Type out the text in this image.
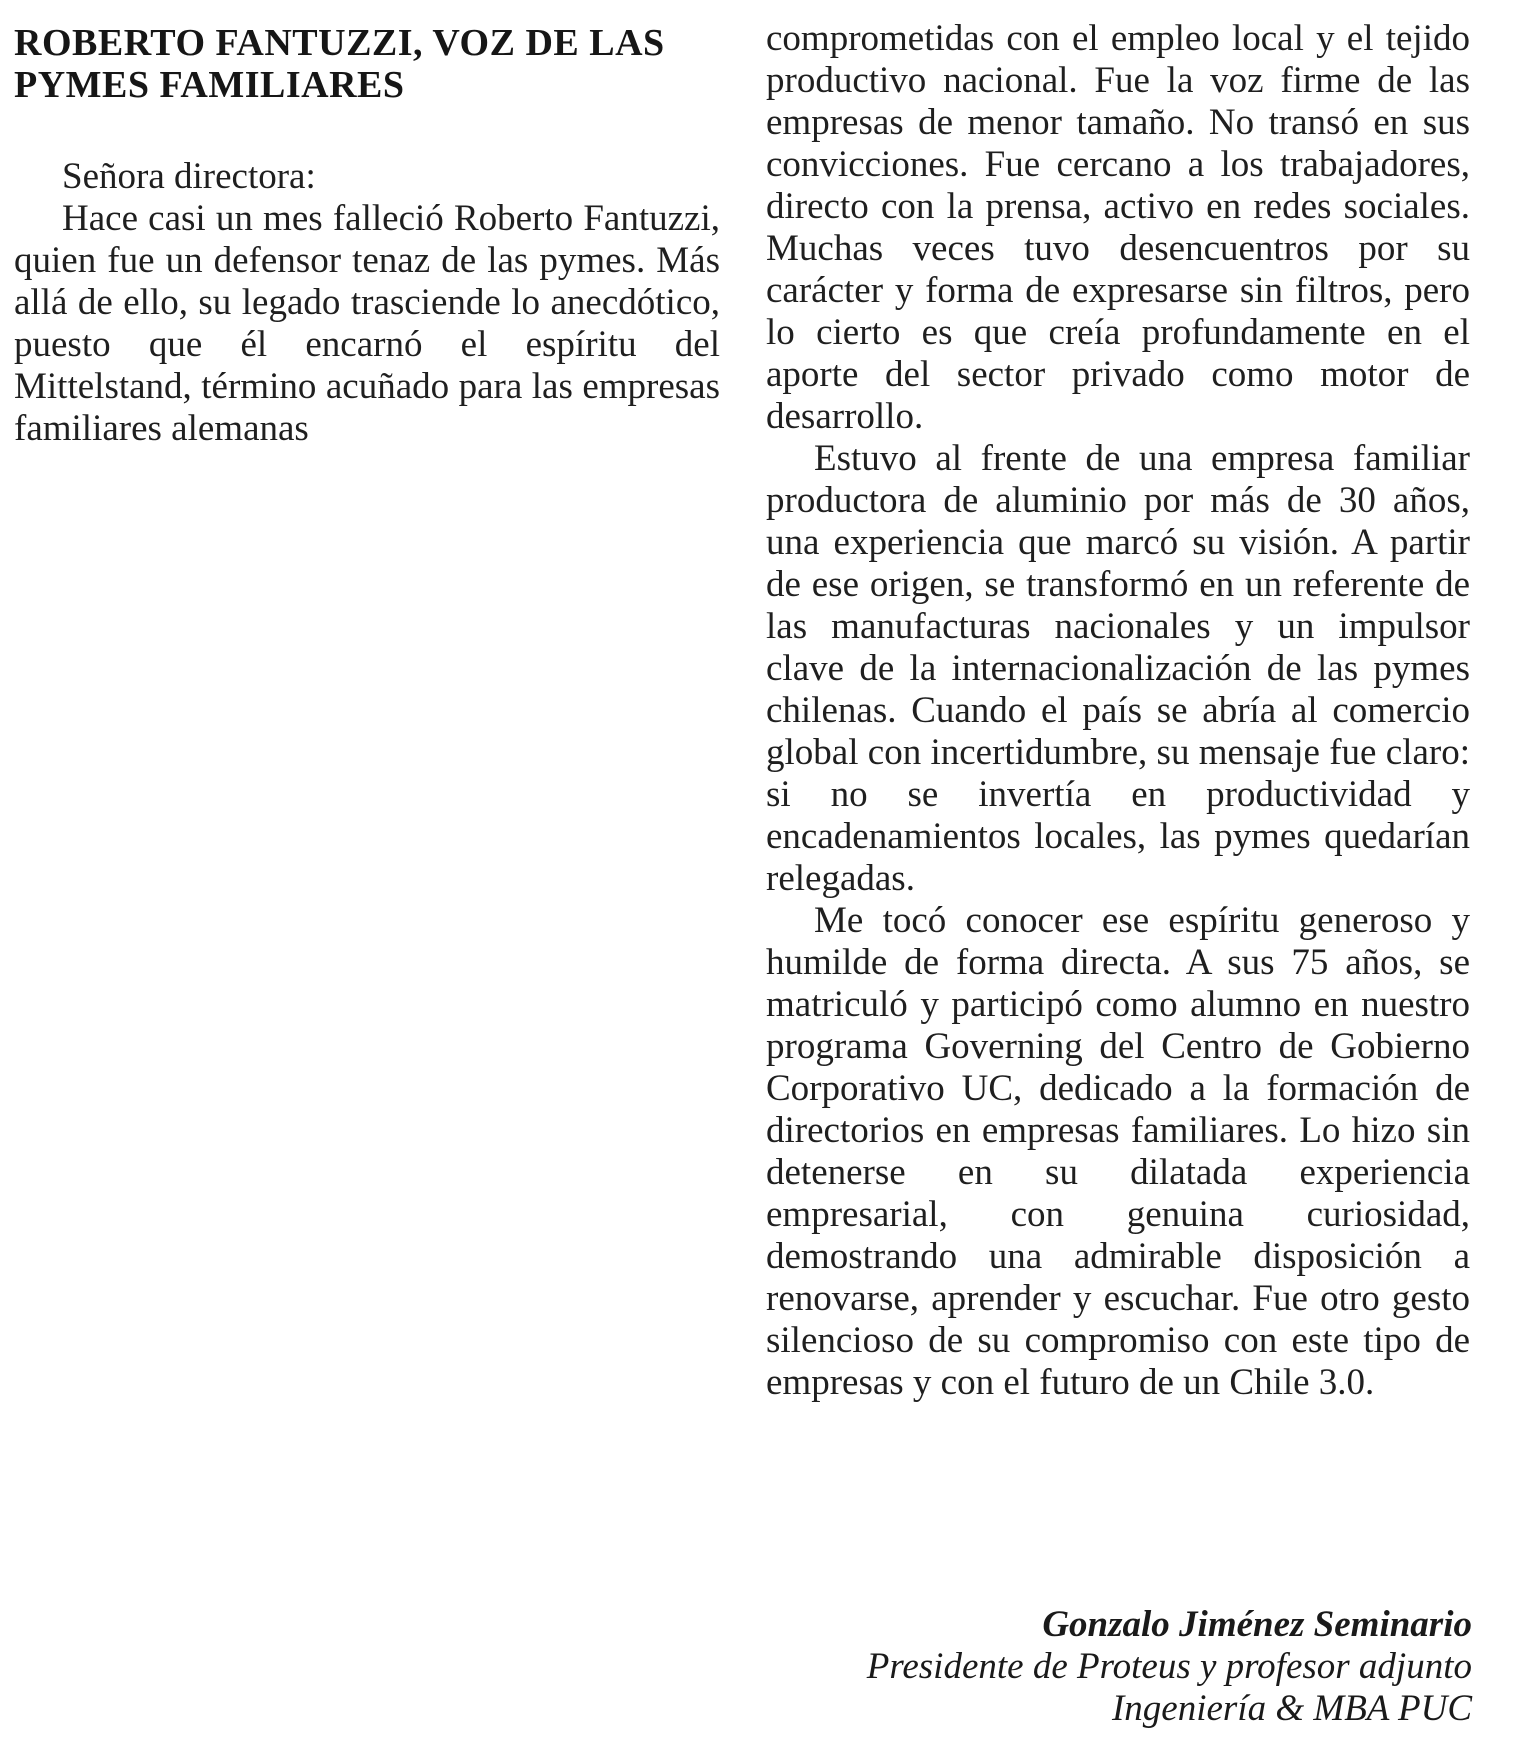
ROBERTO FANTUZZI, VOZ DE LAS PYMES FAMILIARES

Señora directora:

Hace casi un mes falleció Roberto Fantuzzi, quien fue un defensor tenaz de las pymes. Más allá de ello, su legado trasciende lo anecdótico, puesto que él encarnó el espíritu del Mittelstand, término acuñado para las empresas familiares alemanas

comprometidas con el empleo local y el tejido productivo nacional. Fue la voz firme de las empresas de menor tamaño. No transó en sus convicciones. Fue cercano a los trabajadores, directo con la prensa, activo en redes sociales. Muchas veces tuvo desencuentros por su carácter y forma de expresarse sin filtros, pero lo cierto es que creía profundamente en el aporte del sector privado como motor de desarrollo.

Estuvo al frente de una empresa familiar productora de aluminio por más de 30 años, una experiencia que marcó su visión. A partir de ese origen, se transformó en un referente de las manufacturas nacionales y un impulsor clave de la internacionalización de las pymes chilenas. Cuando el país se abría al comercio global con incertidumbre, su mensaje fue claro: si no se invertía en productividad y encadenamientos locales, las pymes quedarían relegadas.

Me tocó conocer ese espíritu generoso y humilde de forma directa. A sus 75 años, se matriculó y participó como alumno en nuestro programa Governing del Centro de Gobierno Corporativo UC, dedicado a la formación de directorios en empresas familiares. Lo hizo sin detenerse en su dilatada experiencia empresarial, con genuina curiosidad, demostrando una admirable disposición a renovarse, aprender y escuchar. Fue otro gesto silencioso de su compromiso con este tipo de empresas y con el futuro de un Chile 3.0.

Gonzalo Jiménez Seminario
Presidente de Proteus y profesor adjunto
Ingeniería & MBA PUC
